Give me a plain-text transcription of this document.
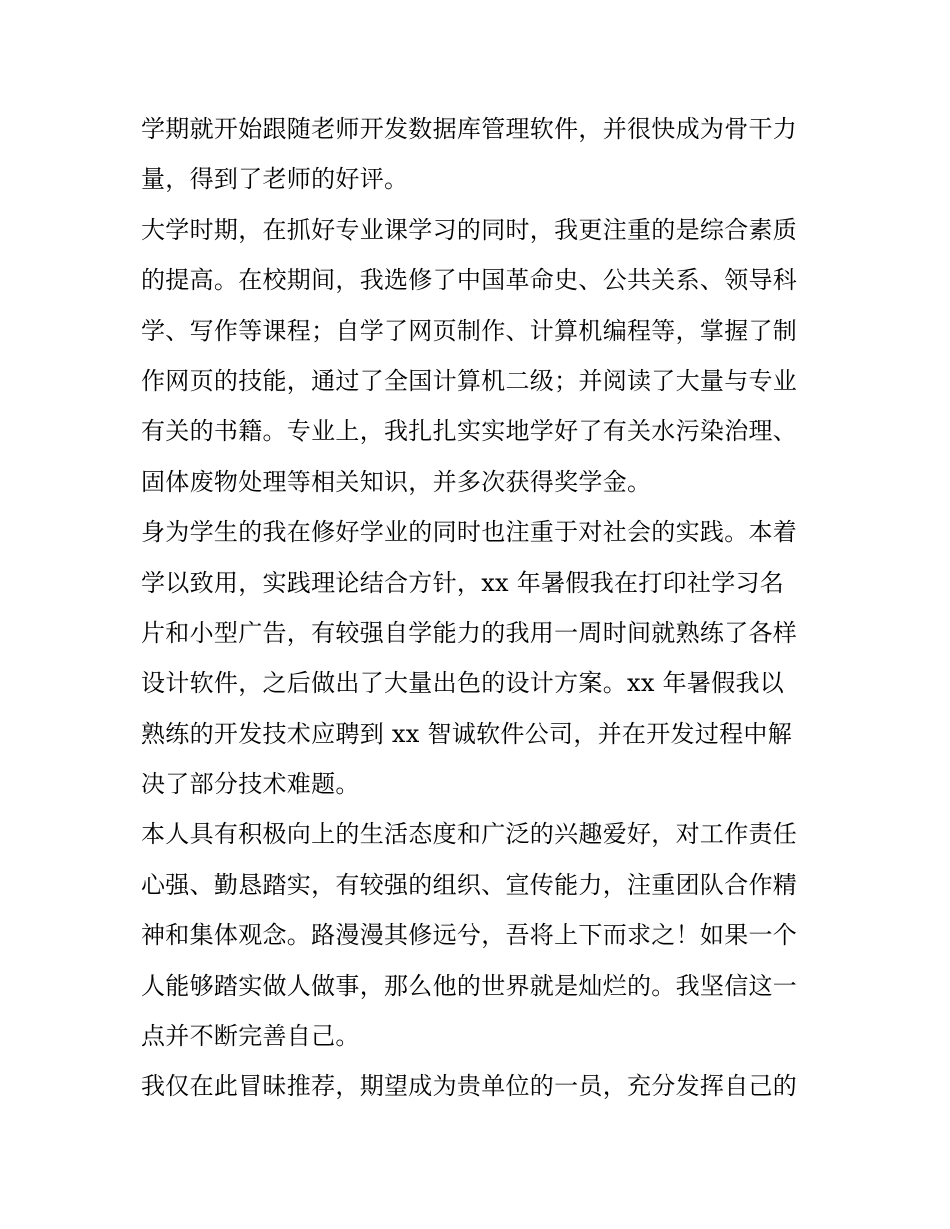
学期就开始跟随老师开发数据库管理软件，并很快成为骨干力
量，得到了老师的好评。
大学时期，在抓好专业课学习的同时，我更注重的是综合素质
的提高。在校期间，我选修了中国革命史、公共关系、领导科
学、写作等课程；自学了网页制作、计算机编程等，掌握了制
作网页的技能，通过了全国计算机二级；并阅读了大量与专业
有关的书籍。专业上，我扎扎实实地学好了有关水污染治理、
固体废物处理等相关知识，并多次获得奖学金。
身为学生的我在修好学业的同时也注重于对社会的实践。本着
学以致用，实践理论结合方针，xx 年暑假我在打印社学习名
片和小型广告，有较强自学能力的我用一周时间就熟练了各样
设计软件，之后做出了大量出色的设计方案。xx 年暑假我以
熟练的开发技术应聘到 xx 智诚软件公司，并在开发过程中解
决了部分技术难题。
本人具有积极向上的生活态度和广泛的兴趣爱好，对工作责任
心强、勤恳踏实，有较强的组织、宣传能力，注重团队合作精
神和集体观念。路漫漫其修远兮，吾将上下而求之！如果一个
人能够踏实做人做事，那么他的世界就是灿烂的。我坚信这一
点并不断完善自己。
我仅在此冒昧推荐，期望成为贵单位的一员，充分发挥自己的
